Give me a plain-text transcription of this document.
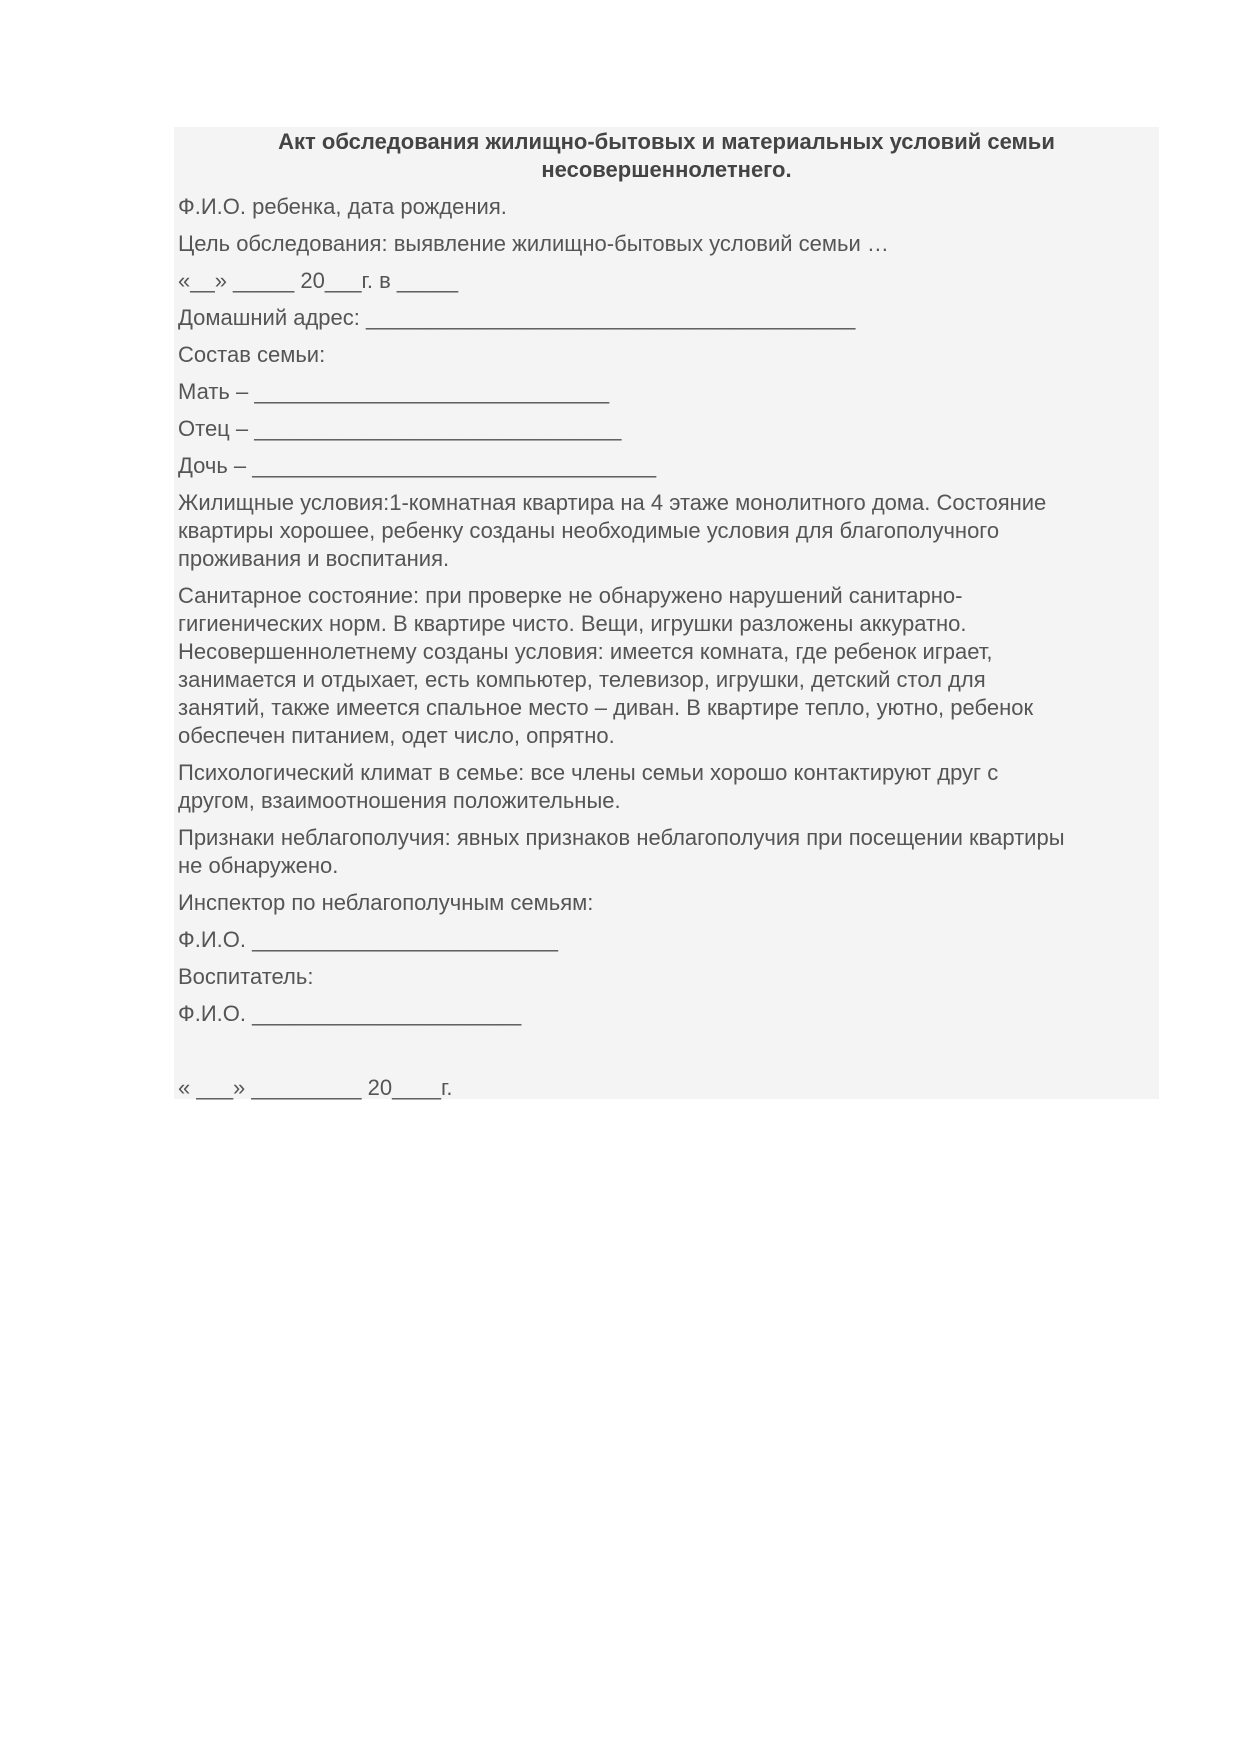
Акт обследования жилищно-бытовых и материальных условий семьи
несовершеннолетнего.

Ф.И.О. ребенка, дата рождения.

Цель обследования: выявление жилищно-бытовых условий семьи …

«__» _____ 20___г. в _____

Домашний адрес: ________________________________________

Состав семьи:

Мать – _____________________________

Отец – ______________________________

Дочь – _________________________________

Жилищные условия:1-комнатная квартира на 4 этаже монолитного дома. Состояние
квартиры хорошее, ребенку созданы необходимые условия для благополучного
проживания и воспитания.

Санитарное состояние: при проверке не обнаружено нарушений санитарно-
гигиенических норм. В квартире чисто. Вещи, игрушки разложены аккуратно.
Несовершеннолетнему созданы условия: имеется комната, где ребенок играет,
занимается и отдыхает, есть компьютер, телевизор, игрушки, детский стол для
занятий, также имеется спальное место – диван. В квартире тепло, уютно, ребенок
обеспечен питанием, одет число, опрятно.

Психологический климат в семье: все члены семьи хорошо контактируют друг с
другом, взаимоотношения положительные.

Признаки неблагополучия: явных признаков неблагополучия при посещении квартиры
не обнаружено.

Инспектор по неблагополучным семьям:

Ф.И.О. _________________________

Воспитатель:

Ф.И.О. ______________________

« ___» _________ 20____г.
